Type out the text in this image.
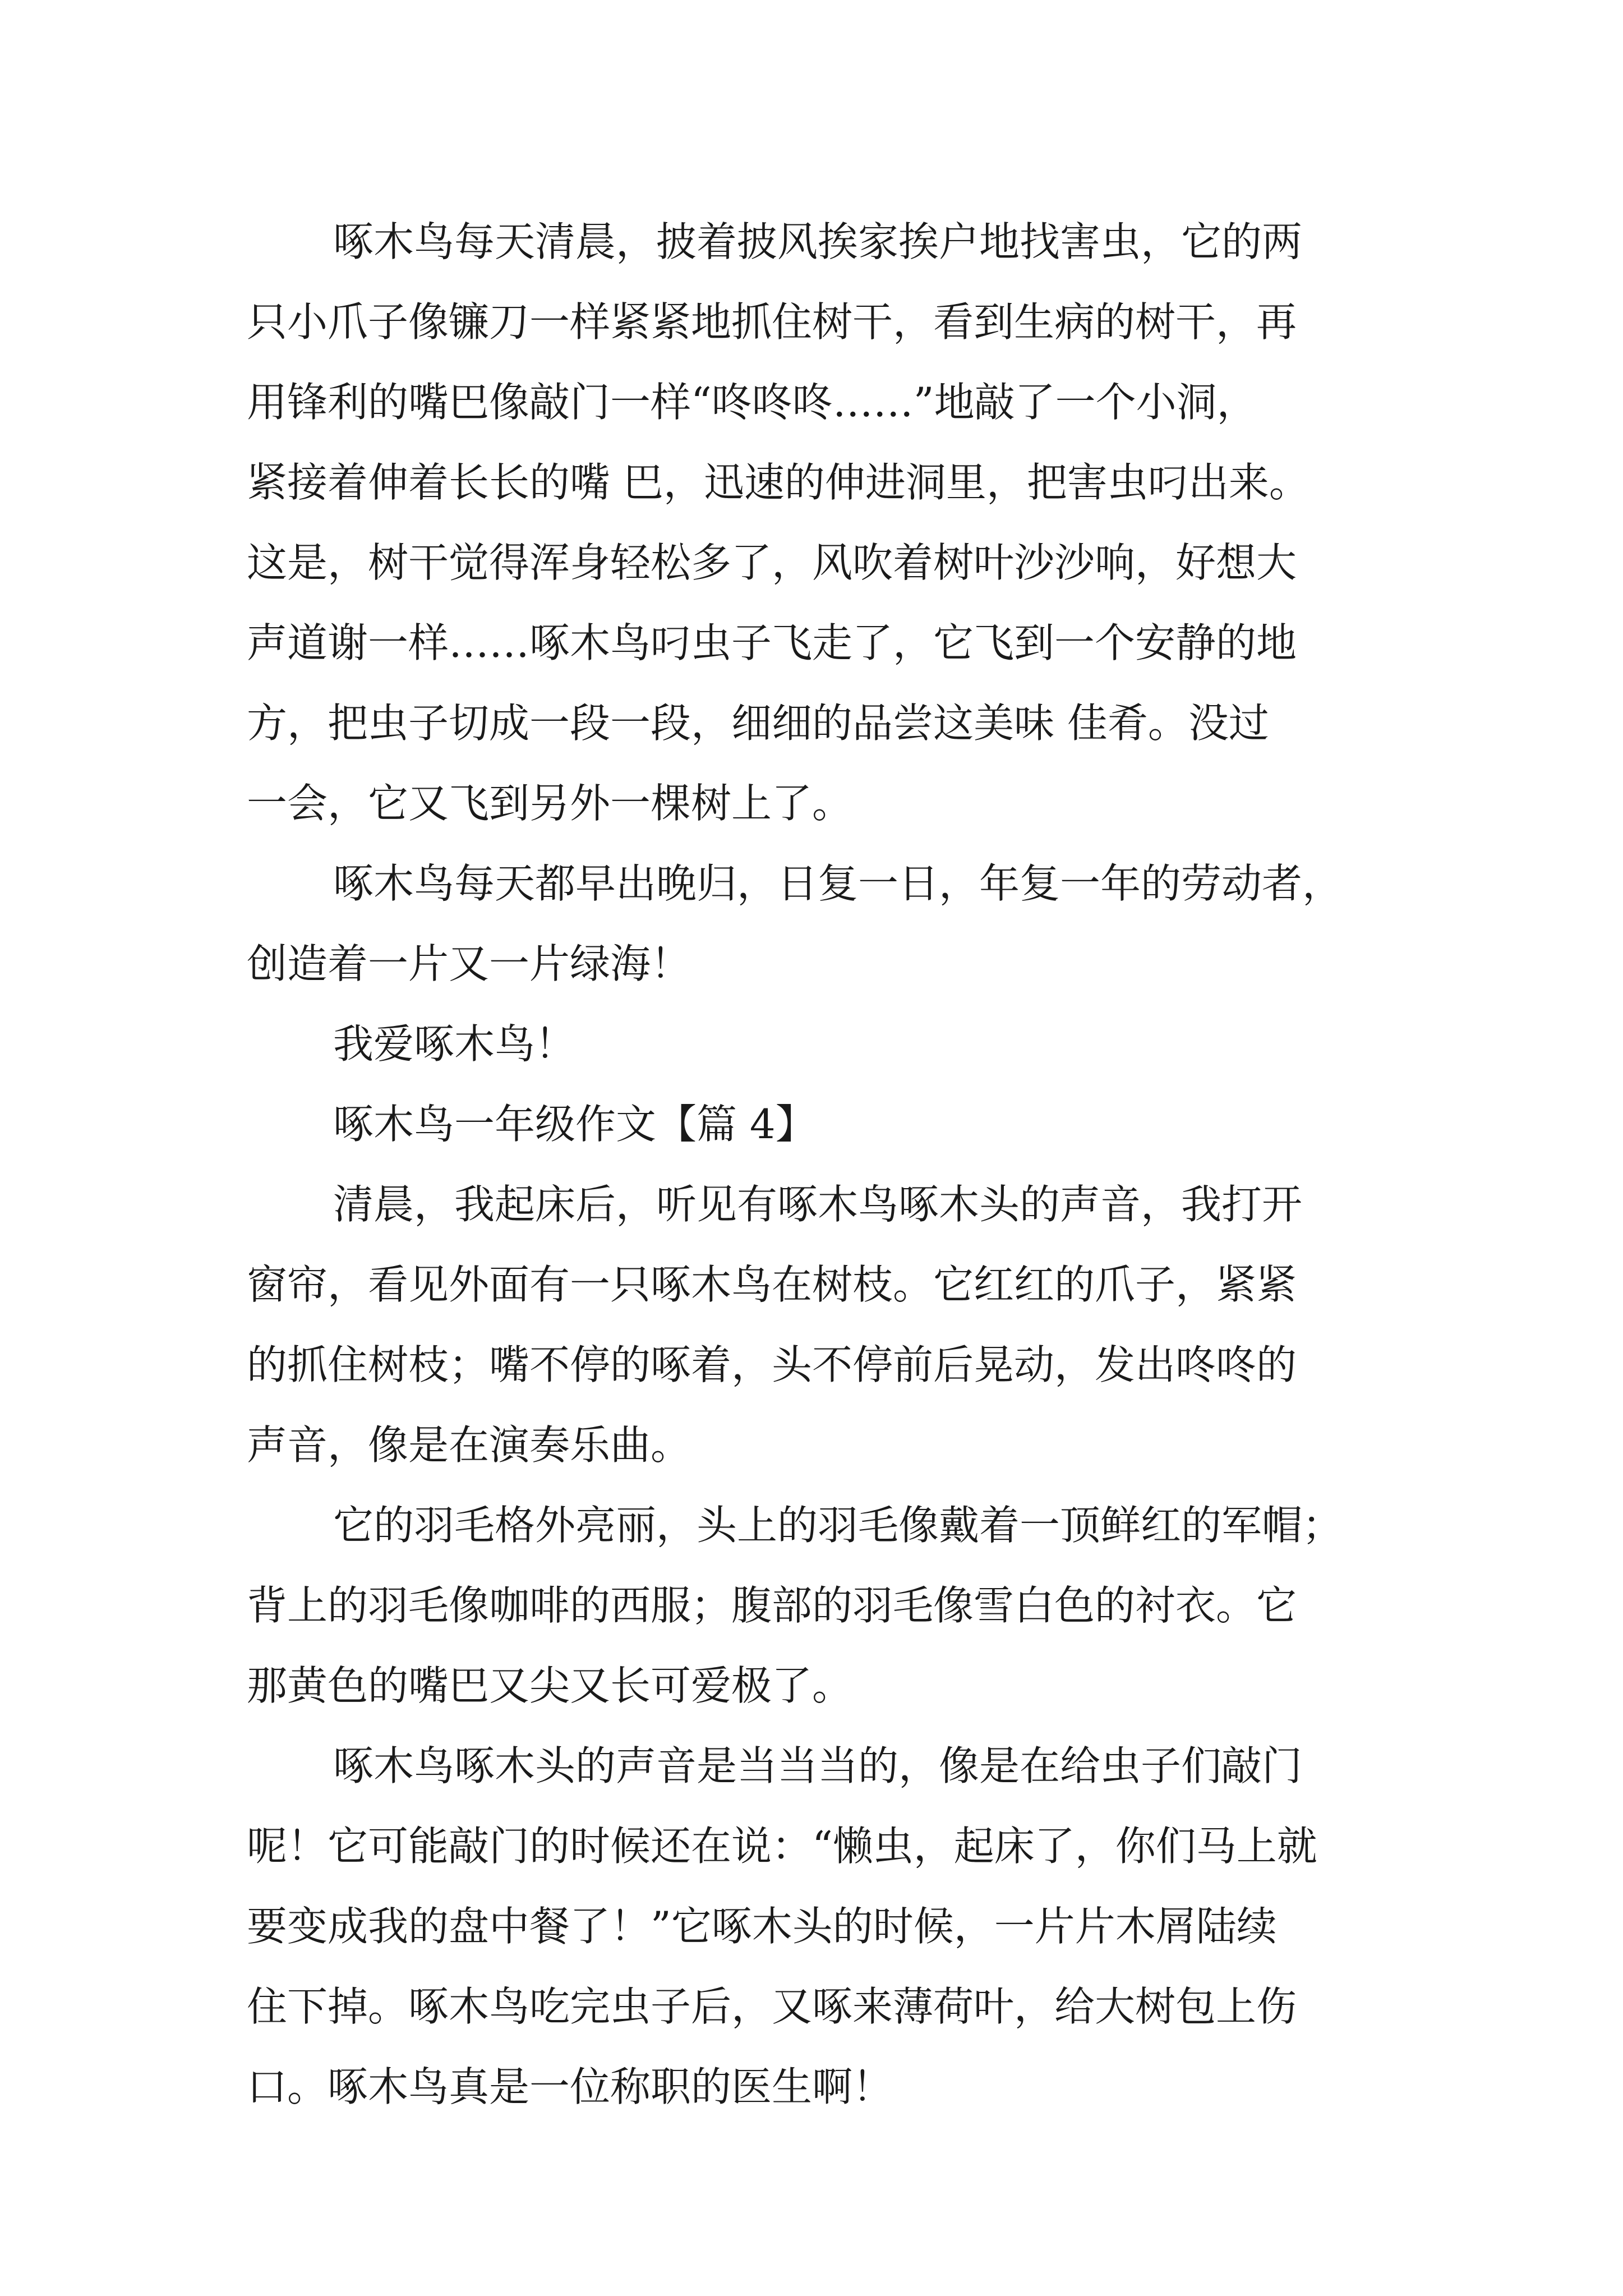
啄木鸟每天清晨，披着披风挨家挨户地找害虫，它的两
只小爪子像镰刀一样紧紧地抓住树干，看到生病的树干，再
用锋利的嘴巴像敲门一样“咚咚咚……”地敲了一个小洞，
紧接着伸着长长的嘴 巴，迅速的伸进洞里，把害虫叼出来。
这是，树干觉得浑身轻松多了，风吹着树叶沙沙响，好想大
声道谢一样……啄木鸟叼虫子飞走了，它飞到一个安静的地
方，把虫子切成一段一段，细细的品尝这美味 佳肴。没过
一会，它又飞到另外一棵树上了。
啄木鸟每天都早出晚归，日复一日，年复一年的劳动者，
创造着一片又一片绿海！
我爱啄木鸟！
啄木鸟一年级作文【篇 4】
清晨，我起床后，听见有啄木鸟啄木头的声音，我打开
窗帘，看见外面有一只啄木鸟在树枝。它红红的爪子，紧紧
的抓住树枝；嘴不停的啄着，头不停前后晃动，发出咚咚的
声音，像是在演奏乐曲。
它的羽毛格外亮丽，头上的羽毛像戴着一顶鲜红的军帽；
背上的羽毛像咖啡的西服；腹部的羽毛像雪白色的衬衣。它
那黄色的嘴巴又尖又长可爱极了。
啄木鸟啄木头的声音是当当当的，像是在给虫子们敲门
呢！它可能敲门的时候还在说：“懒虫，起床了，你们马上就
要变成我的盘中餐了！”它啄木头的时候，一片片木屑陆续
住下掉。啄木鸟吃完虫子后，又啄来薄荷叶，给大树包上伤
口。啄木鸟真是一位称职的医生啊！
